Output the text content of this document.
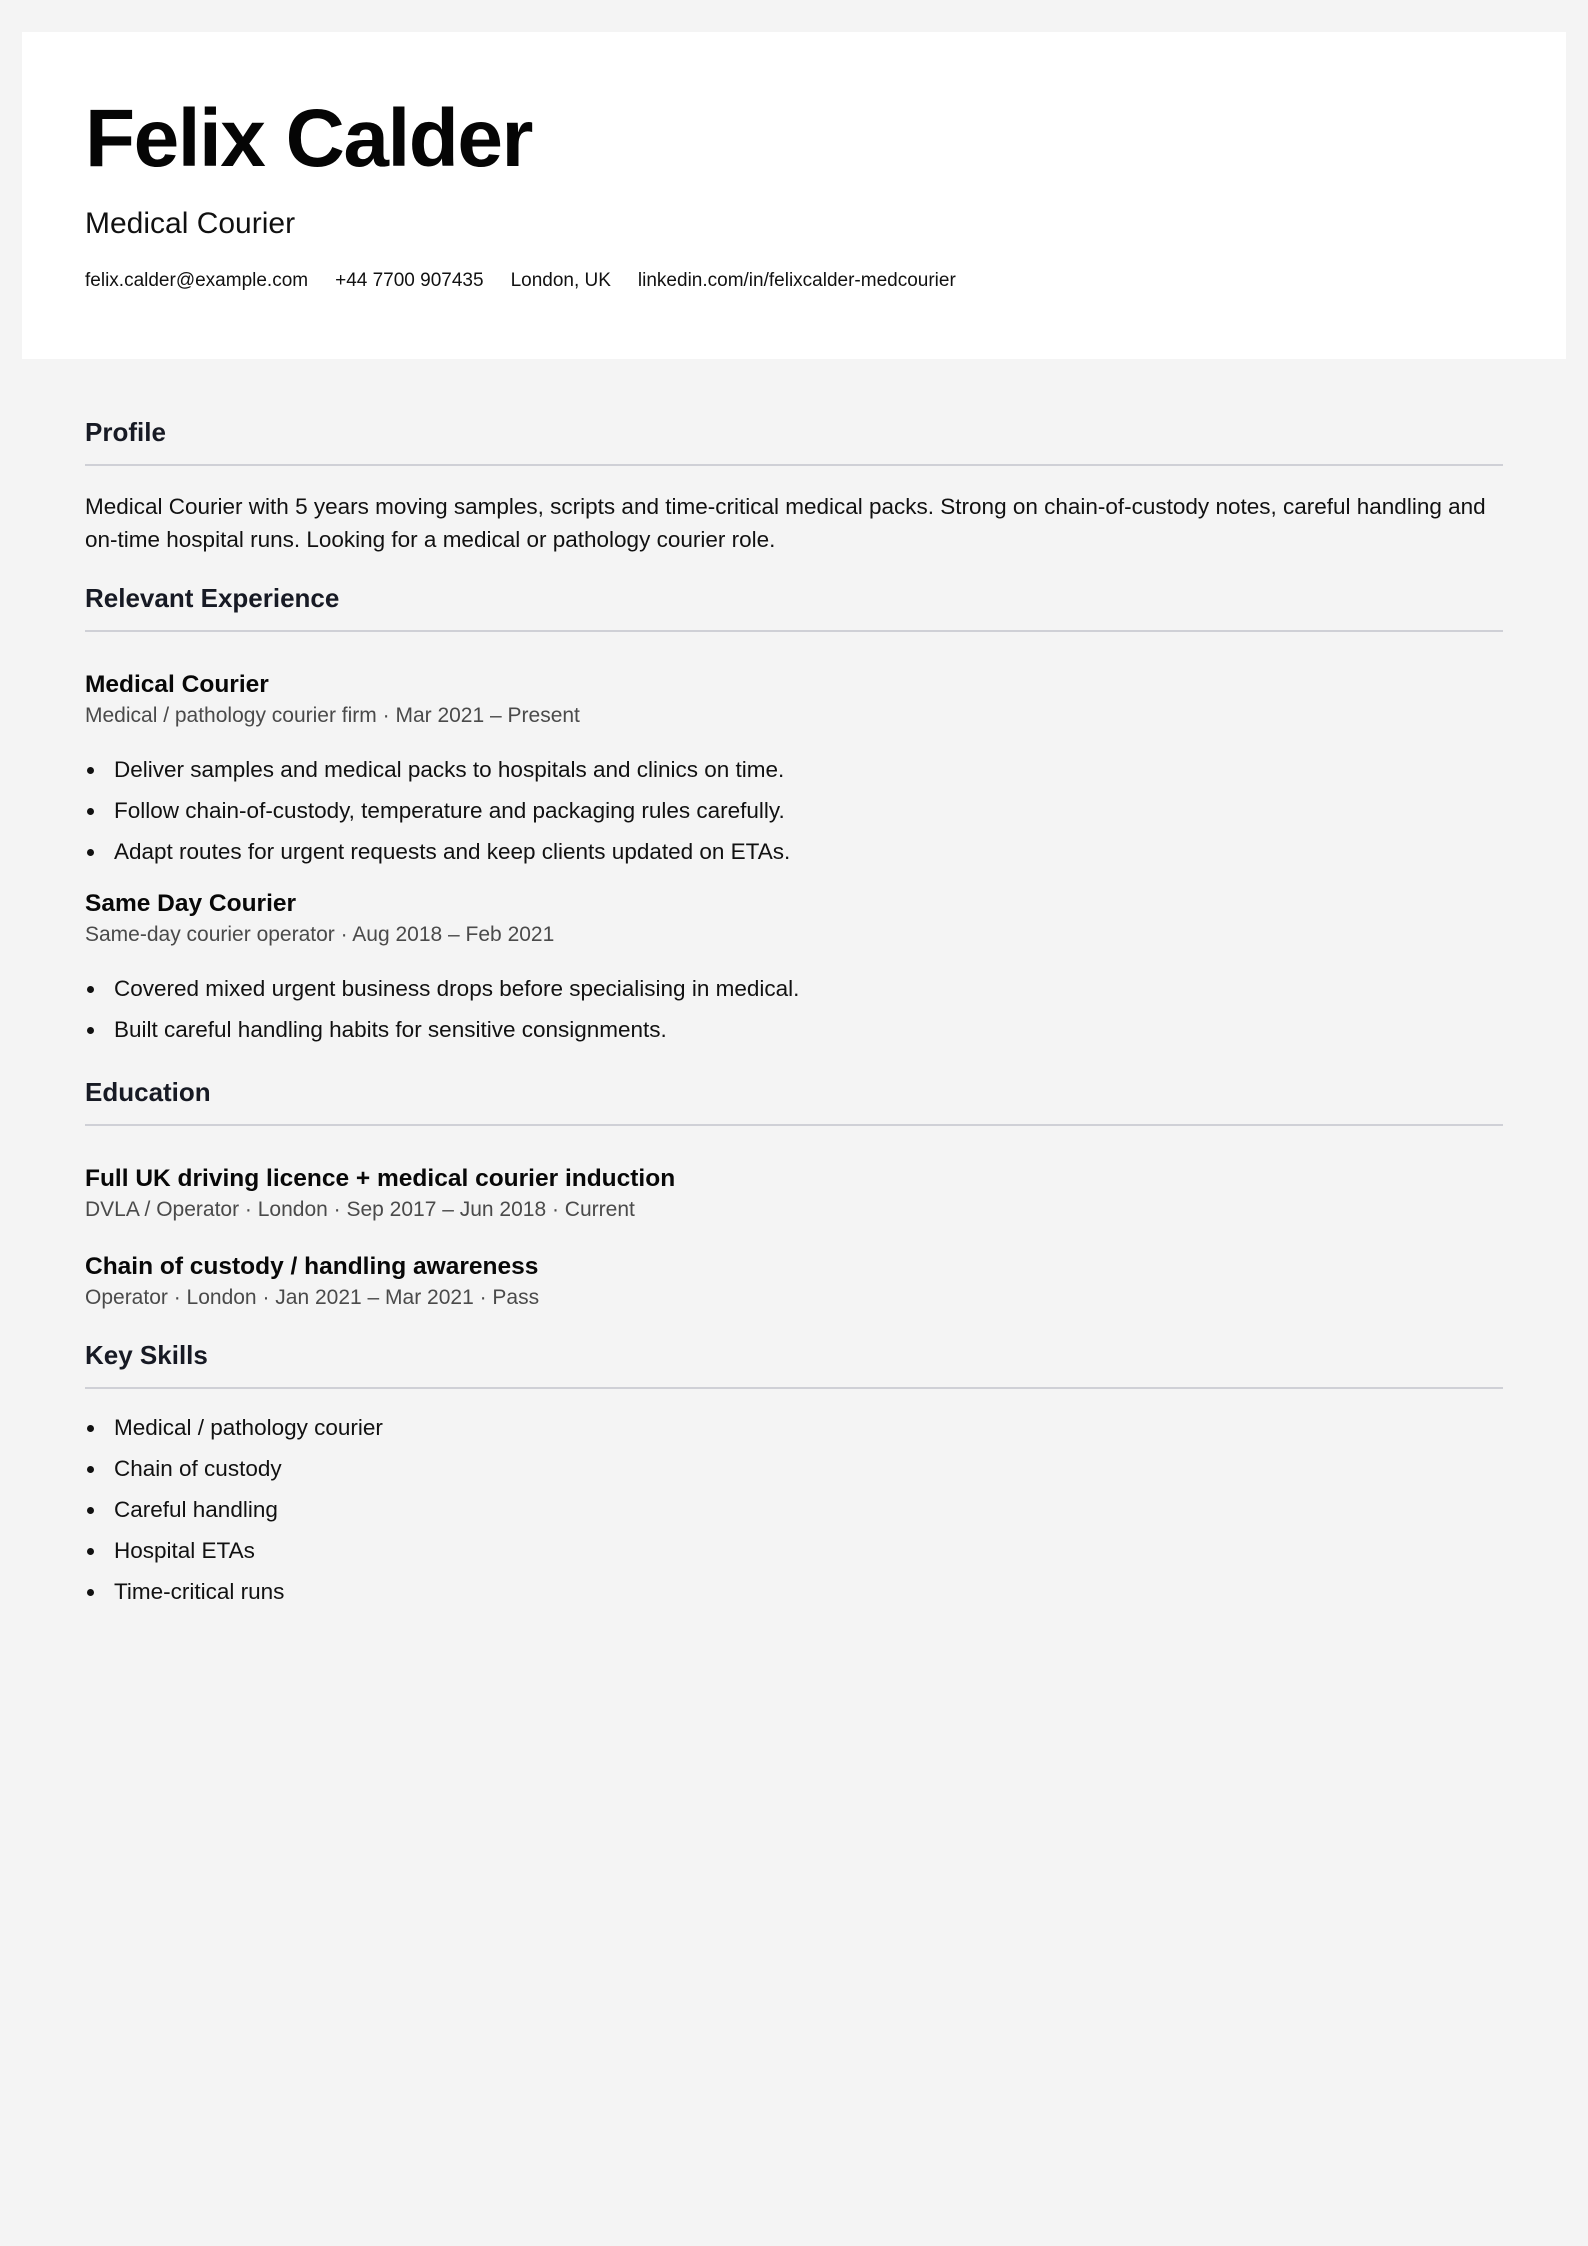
Felix Calder
Medical Courier
felix.calder@example.com +44 7700 907435 London, UK linkedin.com/in/felixcalder-medcourier
Profile

Medical Courier with 5 years moving samples, scripts and time-critical medical packs. Strong on chain-of-custody notes, careful handling and on-time hospital runs. Looking for a medical or pathology courier role.

Relevant Experience
Medical Courier

Medical / pathology courier firm · Mar 2021 – Present

Deliver samples and medical packs to hospitals and clinics on time.
Follow chain-of-custody, temperature and packaging rules carefully.
Adapt routes for urgent requests and keep clients updated on ETAs.
Same Day Courier

Same-day courier operator · Aug 2018 – Feb 2021

Covered mixed urgent business drops before specialising in medical.
Built careful handling habits for sensitive consignments.
Education
Full UK driving licence + medical courier induction

DVLA / Operator · London · Sep 2017 – Jun 2018 · Current

Chain of custody / handling awareness

Operator · London · Jan 2021 – Mar 2021 · Pass

Key Skills
Medical / pathology courier
Chain of custody
Careful handling
Hospital ETAs
Time-critical runs
